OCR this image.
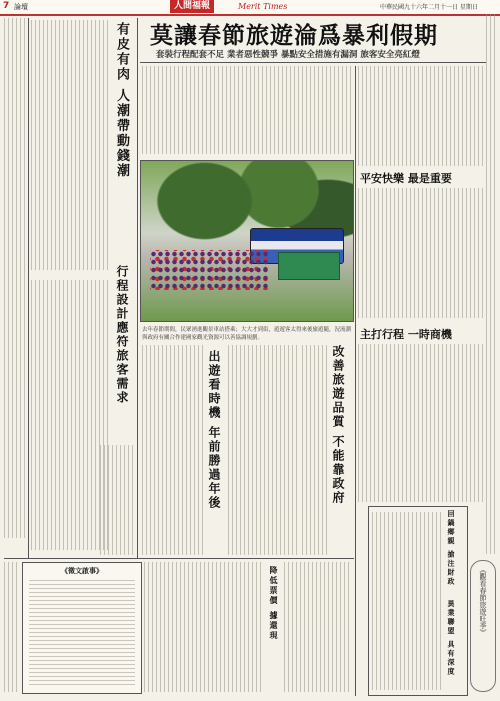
7 論壇	人間福報	Merit Times	中華民國九十六年二月十一日 星期日
莫讓春節旅遊淪爲暴利假期
套裝行程配套不足 業者惡性競爭 暴點安全措施有漏洞 旅客安全亮紅燈
有皮有肉 人潮帶動錢潮
行程設計應符旅客需求	去年春節期間，民眾湧進觀景車站搭乘；大大才到街，遊遊客太得來後旅遊隨，況流潮與政府有關合作建國家觀光資源可以善協調規劃。
出遊看時機 年前勝過年後	改善旅遊品質 不能靠政府
平安快樂 最是重要
主打行程 一時商機
回鍋鄉親 搶注財政
異業聯盟 具有深度	《觀看春節旅遊旺季》
《徵文啟事》	降低票價 據還現
